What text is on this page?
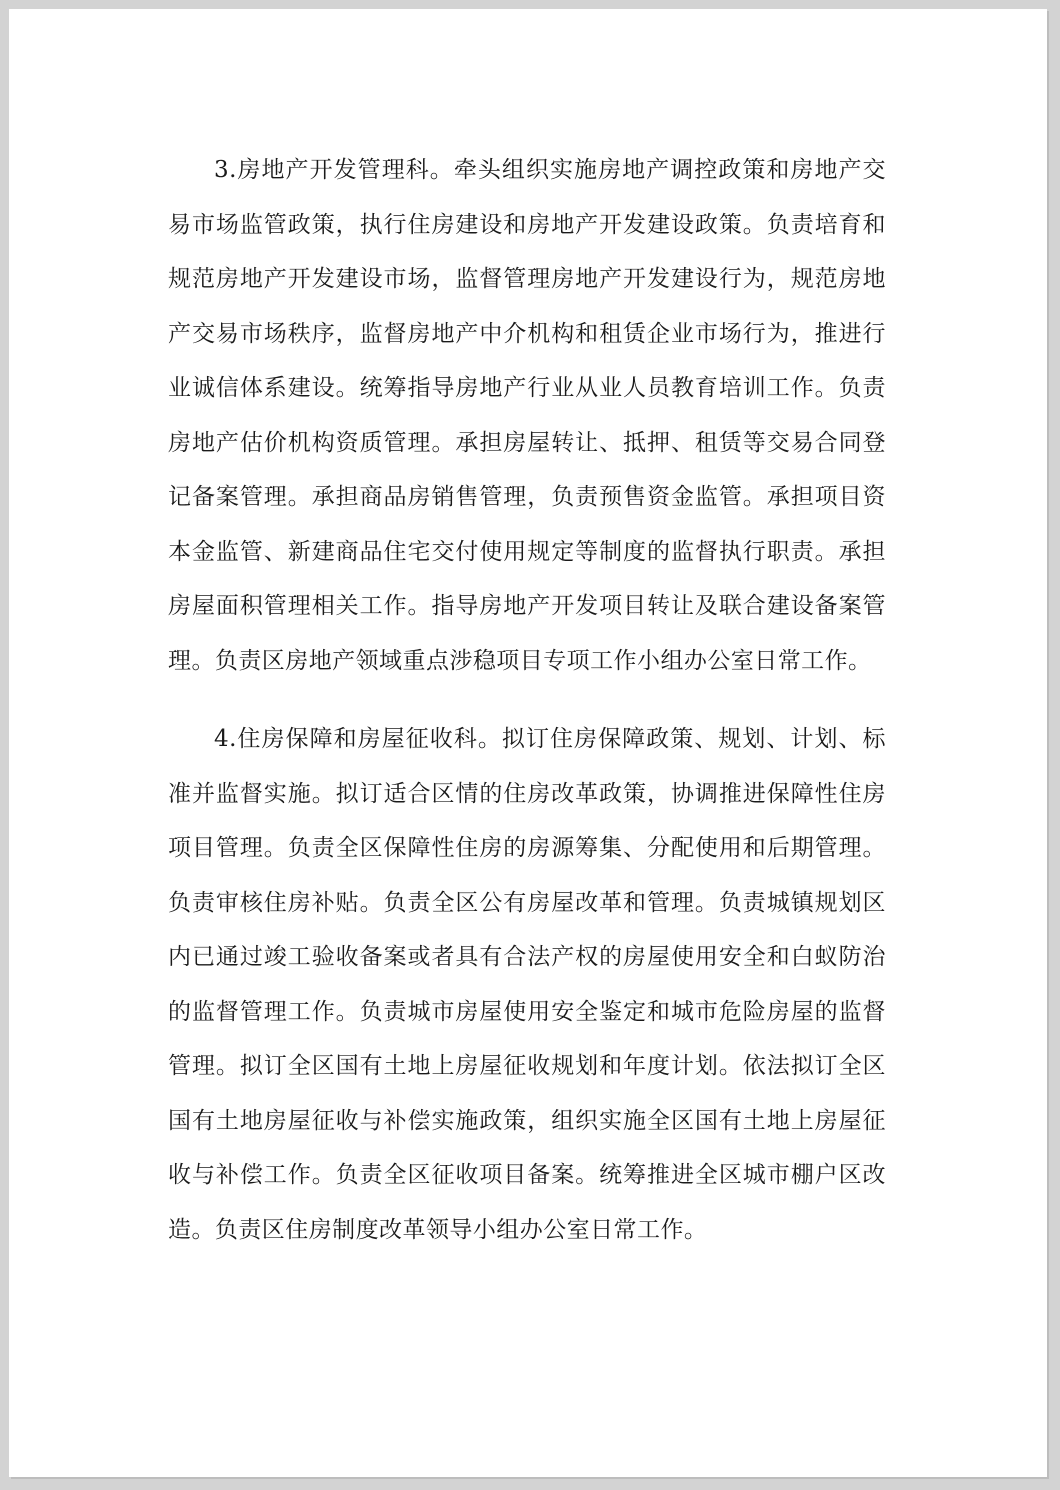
3.房地产开发管理科。牵头组织实施房地产调控政策和房地产交易市场监管政策，执行住房建设和房地产开发建设政策。负责培育和规范房地产开发建设市场，监督管理房地产开发建设行为，规范房地产交易市场秩序，监督房地产中介机构和租赁企业市场行为，推进行业诚信体系建设。统筹指导房地产行业从业人员教育培训工作。负责房地产估价机构资质管理。承担房屋转让、抵押、租赁等交易合同登记备案管理。承担商品房销售管理，负责预售资金监管。承担项目资本金监管、新建商品住宅交付使用规定等制度的监督执行职责。承担房屋面积管理相关工作。指导房地产开发项目转让及联合建设备案管理。负责区房地产领域重点涉稳项目专项工作小组办公室日常工作。

4.住房保障和房屋征收科。拟订住房保障政策、规划、计划、标准并监督实施。拟订适合区情的住房改革政策，协调推进保障性住房项目管理。负责全区保障性住房的房源筹集、分配使用和后期管理。负责审核住房补贴。负责全区公有房屋改革和管理。负责城镇规划区内已通过竣工验收备案或者具有合法产权的房屋使用安全和白蚁防治的监督管理工作。负责城市房屋使用安全鉴定和城市危险房屋的监督管理。拟订全区国有土地上房屋征收规划和年度计划。依法拟订全区国有土地房屋征收与补偿实施政策，组织实施全区国有土地上房屋征收与补偿工作。负责全区征收项目备案。统筹推进全区城市棚户区改造。负责区住房制度改革领导小组办公室日常工作。
